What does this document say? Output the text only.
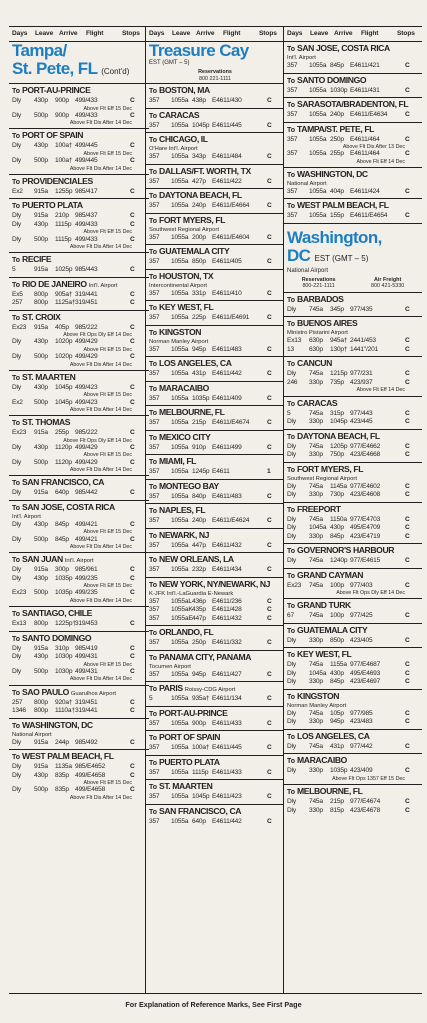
Days Leave Arrive Flight	Stops Days Leave Arrive Flight	Stops Days Leave Arrive Flight	Stops
Tampa/
St. Pete, FL (Cont'd)
To PORT-AU-PRINCE
Dly 430p 900p 499/433	C
Above Flt Eff 15 Dec
Dly 500p 900p 499/433	C
Above Flt Dis After 14 Dec
To PORT OF SPAIN
Dly 430p 100a† 499/445	C
Above Flt Eff 15 Dec
Dly 500p 100a† 499/445	C
Above Flt Dis After 14 Dec
To PROVIDENCIALES
Ex2 915a 1255p 985/417	C
To PUERTO PLATA
Dly 915a 210p 985/437	C
Dly 430p 1115p 499/433	C
Above Flt Eff 15 Dec
Dly 500p 1115p 499/433	C
Above Flt Dis After 14 Dec
To RECIFE
5	915a 1025p 985/443	C
To RIO DE JANEIRO Int'l. Airport
Ex5 800p 905a† 319/441	C
257 800p 1125a† 319/451	C
To ST. CROIX
Ex23 915a 405p 985/222	C
Above Flt Ops Dly Eff 14 Dec
Dly 430p 1020p 499/429	C
Above Flt Eff 15 Dec
Dly 500p 1020p 499/429	C
Above Flt Dis After 14 Dec
To ST. MAARTEN
Dly 430p 1045p 499/423	C
Above Flt Eff 15 Dec
Ex2 500p 1045p 499/423	C
Above Flt Dis After 14 Dec
To ST. THOMAS
Ex23 915a 255p 985/222	C
Above Flt Ops Dly Eff 14 Dec
Dly 430p 1120p 499/429	C
Above Flt Eff 15 Dec
Dly 500p 1120p 499/429	C
Above Flt Dis After 14 Dec
To SAN FRANCISCO, CA
Dly 915a 640p 985/442	C
To SAN JOSE, COSTA RICA
Int'l. Airport
Dly 430p 845p 499/421	C
Above Flt Eff 15 Dec
Dly 500p 845p 499/421	C
Above Flt Dis After 14 Dec
To SAN JUAN Int'l. Airport
Dly 915a 300p 985/961	C
Dly 430p 1035p 499/235	C
Above Flt Eff 15 Dec
Ex23 500p 1035p 499/235	C
Above Flt Dis After 14 Dec
To SANTIAGO, CHILE
Ex13 800p 1225p† 319/453	C
To SANTO DOMINGO
Dly 915a 310p 985/419	C
Dly 430p 1030p 499/431	C
Above Flt Eff 15 Dec
Dly 500p 1030p 499/431	C
Above Flt Dis After 14 Dec
To SAO PAULO Guarulhos Airport
257 800p 920a† 319/451	C
1346 800p 1110a† 319/441	C
To WASHINGTON, DC
National Airport
Dly 915a 244p 985/492	C
To WEST PALM BEACH, FL
Dly 915a 1135a 985/E4652	C
Dly 430p 835p 499/E4658	C
Above Flt Eff 15 Dec
Dly 500p 835p 499/E4658	C
Above Flt Dis After 14 Dec
Treasure Cay
EST (GMT – 5)
Reservations
800 221-1111
To BOSTON, MA
357 1055a 438p E4611/430	C
To CARACAS
357 1055a 1045p E4611/445	C
To CHICAGO, IL
O'Hare Int'l. Airport
357 1055a 343p E4611/484	C
To DALLAS/FT. WORTH, TX
357 1055a 427p E4611/422	C
To DAYTONA BEACH, FL
357 1055a 240p E4611/E4664	C
To FORT MYERS, FL
Southwest Regional Airport
357 1055a 200p E4611/E4604	C
To GUATEMALA CITY
357 1055a 850p E4611/405	C
To HOUSTON, TX
Intercontinental Airport
357 1055a 331p E4611/410	C
To KEY WEST, FL
357 1055a 225p E4611/E4691	C
To KINGSTON
Norman Manley Airport
357 1055a 945p E4611/483	C
To LOS ANGELES, CA
357 1055a 431p E4611/442	C
To MARACAIBO
357 1055a 1035p E4611/409	C
To MELBOURNE, FL
357 1055a 215p E4611/E4674	C
To MEXICO CITY
357 1055a 910p E4611/499	C
To MIAMI, FL
357 1055a 1245p E4611	1
To MONTEGO BAY
357 1055a 840p E4611/483	C
To NAPLES, FL
357 1055a 240p E4611/E4624	C
To NEWARK, NJ
357 1055a 447p E4611/432	C
To NEW ORLEANS, LA
357 1055a 232p E4611/434	C
To NEW YORK, NY/NEWARK, NJ
K-JFK Int'l.-LaGuardia E-Newark
357 1055aL 436p E4611/236	C
357 1055aK 435p E4611/428	C
357 1055aE 447p E4611/432	C
To ORLANDO, FL
357 1055a 250p E4611/332	C
To PANAMA CITY, PANAMA
Tocumen Airport
357 1055a 945p E4611/427	C
To PARIS Roissy-CDG Airport
5	1055a 935a† E4611/134	C
To PORT-AU-PRINCE
357 1055a 900p E4611/433	C
To PORT OF SPAIN
357 1055a 100a† E4611/445	C
To PUERTO PLATA
357 1055a 1115p E4611/433	C
To ST. MAARTEN
357 1055a 1045p E4611/423	C
To SAN FRANCISCO, CA
357 1055a 640p E4611/442	C
To SAN JOSE, COSTA RICA
Int'l. Airport
357 1055a 845p E4611/421	C
To SANTO DOMINGO
357 1055a 1030p E4611/431	C
To SARASOTA/BRADENTON, FL
357 1055a 240p E4611/E4634	C
To TAMPA/ST. PETE, FL
357 1055a 250p E4611/464	C
Above Flt Dis After 13 Dec
357 1055a 255p E4611/464	C
Above Flt Eff 14 Dec
To WASHINGTON, DC
National Airport
357 1055a 404p E4611/424	C
To WEST PALM BEACH, FL
357 1055a 155p E4611/E4654	C
Washington,
DC EST (GMT – 5)
National Airport
Reservations
800-221-1111
Air Freight
800 421-5330
To BARBADOS
Dly 745a 345p 977/435	C
To BUENOS AIRES
Ministro Pistarini Airport
Ex13 630p 945a† 2441/453	C
13 630p 130p† 1441"/201	C
To CANCUN
Dly 745a 1215p 977/231	C
246 330p 735p 423/937	C
Above Flt Eff 14 Dec
To CARACAS
5	745a 315p 977/443	C
Dly 330p 1045p 423/445	C
To DAYTONA BEACH, FL
Dly 745a 1205p 977/E4662	C
Dly 330p 750p 423/E4668	C
To FORT MYERS, FL
Southwest Regional Airport
Dly 745a 1145a 977/E4602	C
Dly 330p 730p 423/E4608	C
To FREEPORT
Dly 745a 1150a 977/E4703	C
Dly 1045a 430p 495/E4709	C
Dly 330p 845p 423/E4719	C
To GOVERNOR'S HARBOUR
Dly 745a 1240p 977/E4615	C
To GRAND CAYMAN
Ex23 745a 100p 977/403	C
Above Flt Ops Dly Eff 14 Dec
To GRAND TURK
67 745a 100p 977/425	C
To GUATEMALA CITY
Dly 330p 850p 423/405	C
To KEY WEST, FL
Dly 745a 1155a 977/E4687	C
Dly 1045a 430p 495/E4693	C
Dly 330p 845p 423/E4697	C
To KINGSTON
Norman Manley Airport
Dly 745a 105p 977/985	C
Dly 330p 945p 423/483	C
To LOS ANGELES, CA
Dly 745a 431p 977/442	C
To MARACAIBO
Dly 330p 1035p 423/409	C
Above Flt Ops 1357 Eff 15 Dec
To MELBOURNE, FL
Dly 745a 215p 977/E4674	C
Dly 330p 815p 423/E4678	C
For Explanation of Reference Marks, See First Page
